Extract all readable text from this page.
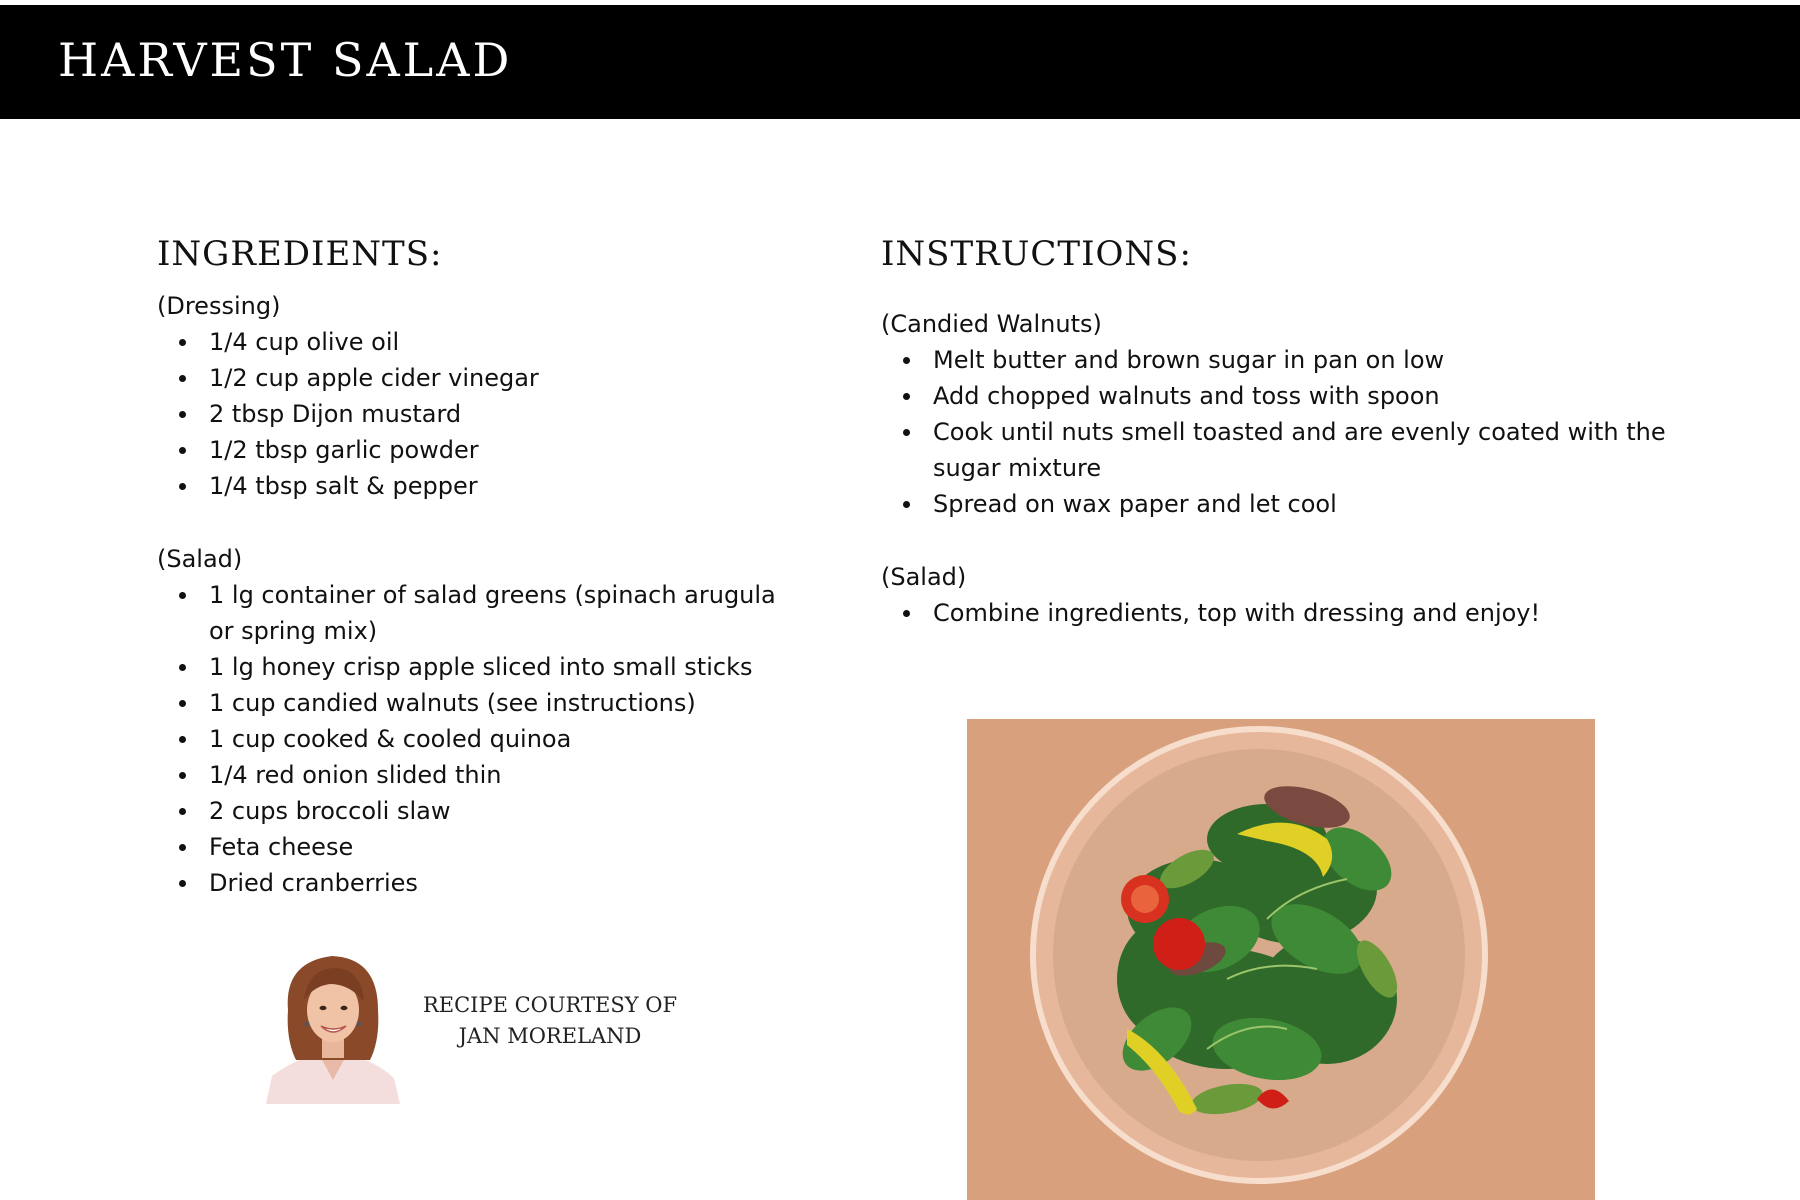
HARVEST SALAD
INGREDIENTS:

(Dressing)

1/4 cup olive oil
1/2 cup apple cider vinegar
2 tbsp Dijon mustard
1/2 tbsp garlic powder
1/4 tbsp salt & pepper

(Salad)

1 lg container of salad greens (spinach arugula or spring mix)
1 lg honey crisp apple sliced into small sticks
1 cup candied walnuts (see instructions)
1 cup cooked & cooled quinoa
1/4 red onion slided thin
2 cups broccoli slaw
Feta cheese
Dried cranberries
INSTRUCTIONS:

(Candied Walnuts)

Melt butter and brown sugar in pan on low
Add chopped walnuts and toss with spoon
Cook until nuts smell toasted and are evenly coated with the sugar mixture
Spread on wax paper and let cool

(Salad)

Combine ingredients, top with dressing and enjoy!
RECIPE COURTESY OF
JAN MORELAND
